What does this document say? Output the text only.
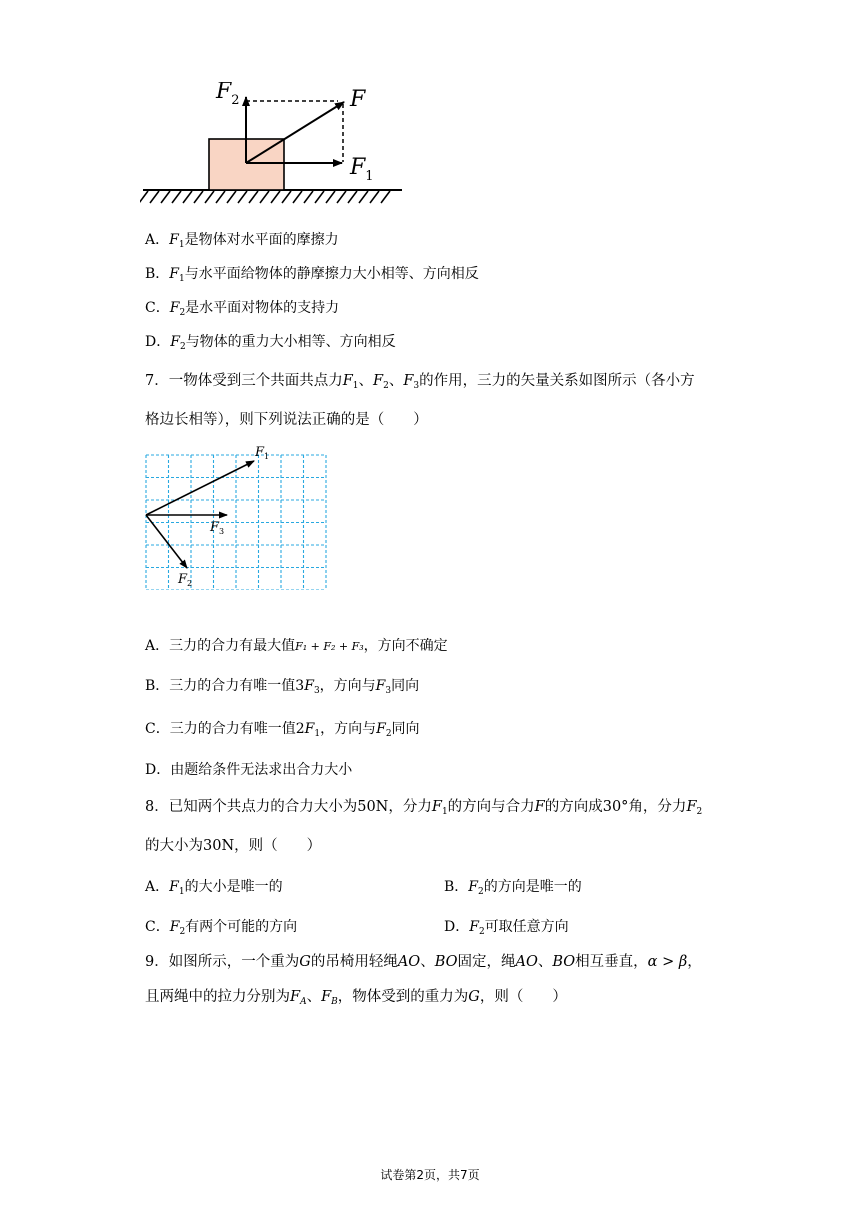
$F_2$	F
$F_1$
A．$F_1$是物体对水平面的摩擦力
B．$F_1$与水平面给物体的静摩擦力大小相等、方向相反
C．$F_2$是水平面对物体的支持力
D．$F_2$与物体的重力大小相等、方向相反
7．一物体受到三个共面共点力$F_1$、$F_2$、$F_3$的作用，三力的矢量关系如图所示（各小方
格边长相等），则下列说法正确的是（　　）
$F_1$
$F_3$
$F_2$
A．三力的合力有最大值F₁ + F₂ + F₃，方向不确定
B．三力的合力有唯一值$3F_3$，方向与$F_3$同向
C．三力的合力有唯一值$2F_1$，方向与$F_2$同向
D．由题给条件无法求出合力大小
8．已知两个共点力的合力大小为50N，分力$F_1$的方向与合力F的方向成30°角，分力$F_2$
的大小为30N，则（　　）
A．$F_1$的大小是唯一的	B．$F_2$的方向是唯一的
C．$F_2$有两个可能的方向	D．$F_2$可取任意方向
9．如图所示，一个重为G的吊椅用轻绳AO、BO固定，绳AO、BO相互垂直，α > β，
且两绳中的拉力分别为$F_A$、$F_B$，物体受到的重力为G，则（　　）
试卷第2页，共7页
